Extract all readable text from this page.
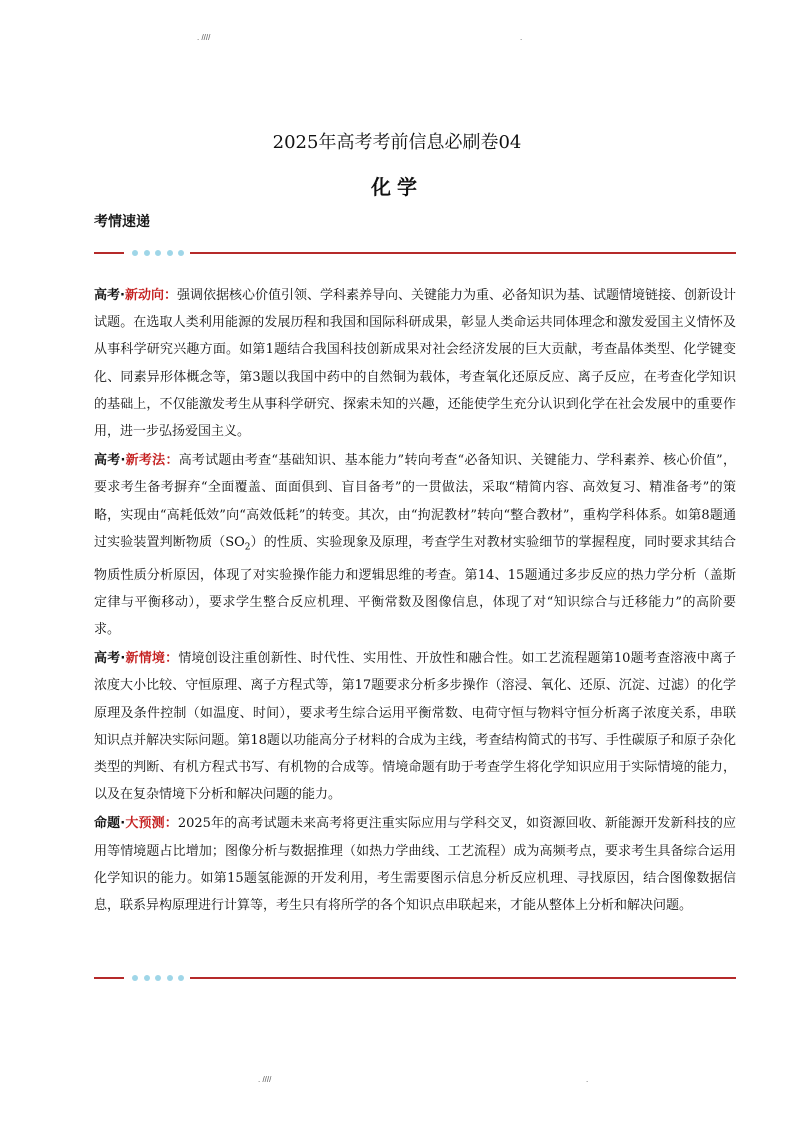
. ////	.
2025年高考考前信息必刷卷04
化学
考情速递

高考·新动向：强调依据核心价值引领、学科素养导向、关键能力为重、必备知识为基、试题情境链接、创新设计试题。在选取人类利用能源的发展历程和我国和国际科研成果，彰显人类命运共同体理念和激发爱国主义情怀及从事科学研究兴趣方面。如第1题结合我国科技创新成果对社会经济发展的巨大贡献，考查晶体类型、化学键变化、同素异形体概念等，第3题以我国中药中的自然铜为载体，考查氧化还原反应、离子反应，在考查化学知识的基础上，不仅能激发考生从事科学研究、探索未知的兴趣，还能使学生充分认识到化学在社会发展中的重要作用，进一步弘扬爱国主义。

高考·新考法：高考试题由考查“基础知识、基本能力”转向考查“必备知识、关键能力、学科素养、核心价值”，要求考生备考摒弃“全面覆盖、面面俱到、盲目备考”的一贯做法，采取“精简内容、高效复习、精准备考”的策略，实现由“高耗低效”向“高效低耗”的转变。其次，由“拘泥教材”转向“整合教材”，重构学科体系。如第8题通过实验装置判断物质$(SO_2)$的性质、实验现象及原理，考查学生对教材实验细节的掌握程度，同时要求其结合物质性质分析原因，体现了对实验操作能力和逻辑思维的考查。第14、15题通过多步反应的热力学分析（盖斯定律与平衡移动），要求学生整合反应机理、平衡常数及图像信息，体现了对“知识综合与迁移能力”的高阶要求。

高考·新情境：情境创设注重创新性、时代性、实用性、开放性和融合性。如工艺流程题第10题考查溶液中离子浓度大小比较、守恒原理、离子方程式等，第17题要求分析多步操作（溶浸、氧化、还原、沉淀、过滤）的化学原理及条件控制（如温度、时间），要求考生综合运用平衡常数、电荷守恒与物料守恒分析离子浓度关系，串联知识点并解决实际问题。第18题以功能高分子材料的合成为主线，考查结构简式的书写、手性碳原子和原子杂化类型的判断、有机方程式书写、有机物的合成等。情境命题有助于考查学生将化学知识应用于实际情境的能力，以及在复杂情境下分析和解决问题的能力。

命题·大预测：2025年的高考试题未来高考将更注重实际应用与学科交叉，如资源回收、新能源开发新科技的应用等情境题占比增加；图像分析与数据推理（如热力学曲线、工艺流程）成为高频考点，要求考生具备综合运用化学知识的能力。如第15题氢能源的开发利用，考生需要图示信息分析反应机理、寻找原因，结合图像数据信息，联系异构原理进行计算等，考生只有将所学的各个知识点串联起来，才能从整体上分析和解决问题。

. ////	.
